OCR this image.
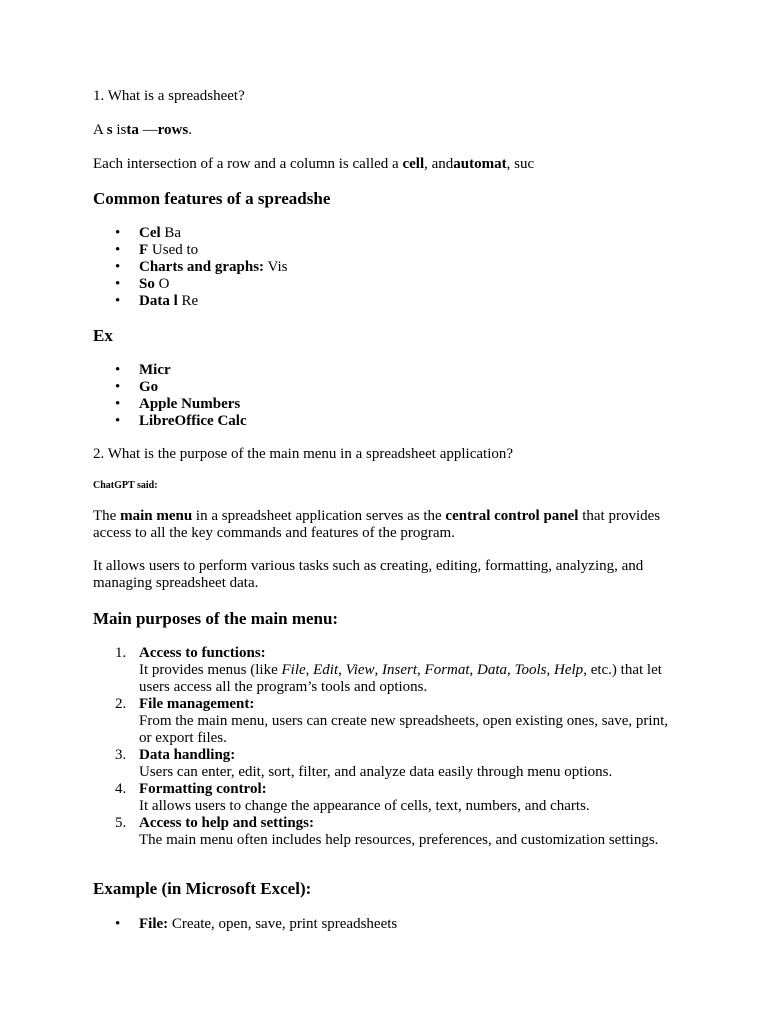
1. What is a spreadsheet?

A s ista —rows.

Each intersection of a row and a column is called a cell, andautomat, suc

Common features of a spreadshe
• Cel Ba
• F Used to
• Charts and graphs: Vis
• So O
• Data l Re
Ex
• Micr
• Go
• Apple Numbers
• LibreOffice Calc

2. What is the purpose of the main menu in a spreadsheet application?

ChatGPT said:

The main menu in a spreadsheet application serves as the central control panel that provides access to all the key commands and features of the program.

It allows users to perform various tasks such as creating, editing, formatting, analyzing, and managing spreadsheet data.

Main purposes of the main menu:
1. Access to functions:
It provides menus (like File, Edit, View, Insert, Format, Data, Tools, Help, etc.) that let users access all the program’s tools and options.
2. File management:
From the main menu, users can create new spreadsheets, open existing ones, save, print, or export files.
3. Data handling:
Users can enter, edit, sort, filter, and analyze data easily through menu options.
4. Formatting control:
It allows users to change the appearance of cells, text, numbers, and charts.
5. Access to help and settings:
The main menu often includes help resources, preferences, and customization settings.
Example (in Microsoft Excel):
• File: Create, open, save, print spreadsheets
